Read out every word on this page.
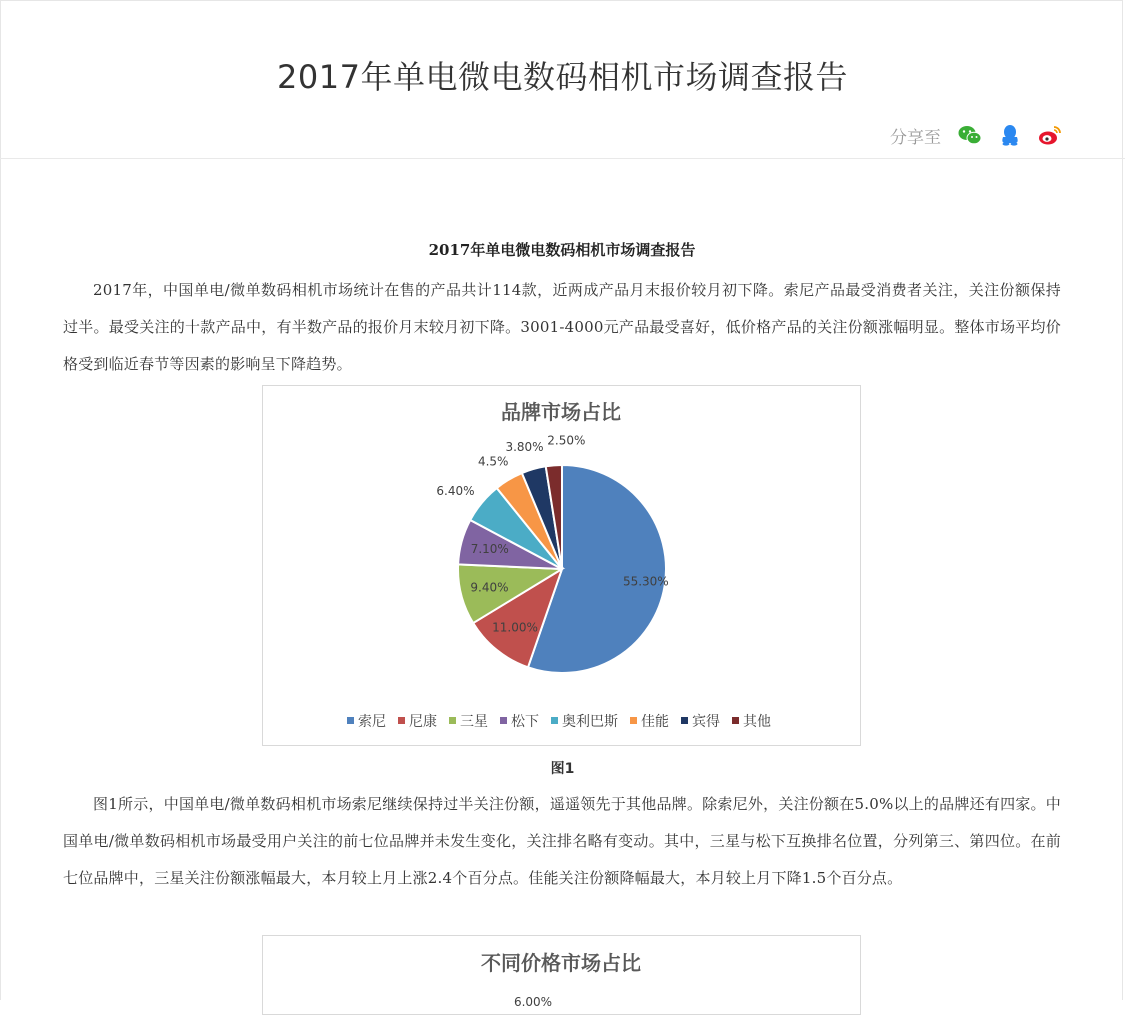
2017年单电微电数码相机市场调查报告
分享至
2017年单电微电数码相机市场调查报告

2017年，中国单电/微单数码相机市场统计在售的产品共计114款，近两成产品月末报价较月初下降。索尼产品最受消费者关注，关注份额保持过半。最受关注的十款产品中，有半数产品的报价月末较月初下降。3001-4000元产品最受喜好，低价格产品的关注份额涨幅明显。整体市场平均价格受到临近春节等因素的影响呈下降趋势。

品牌市场占比
55.30%
11.00%
9.40%
7.10%
6.40%
4.5%
3.80% 2.50%
索尼 尼康 三星 松下 奥利巴斯 佳能 宾得 其他
图1

图1所示，中国单电/微单数码相机市场索尼继续保持过半关注份额，遥遥领先于其他品牌。除索尼外，关注份额在5.0%以上的品牌还有四家。中国单电/微单数码相机市场最受用户关注的前七位品牌并未发生变化，关注排名略有变动。其中，三星与松下互换排名位置，分列第三、第四位。在前七位品牌中，三星关注份额涨幅最大，本月较上月上涨2.4个百分点。佳能关注份额降幅最大，本月较上月下降1.5个百分点。

不同价格市场占比
6.00%
